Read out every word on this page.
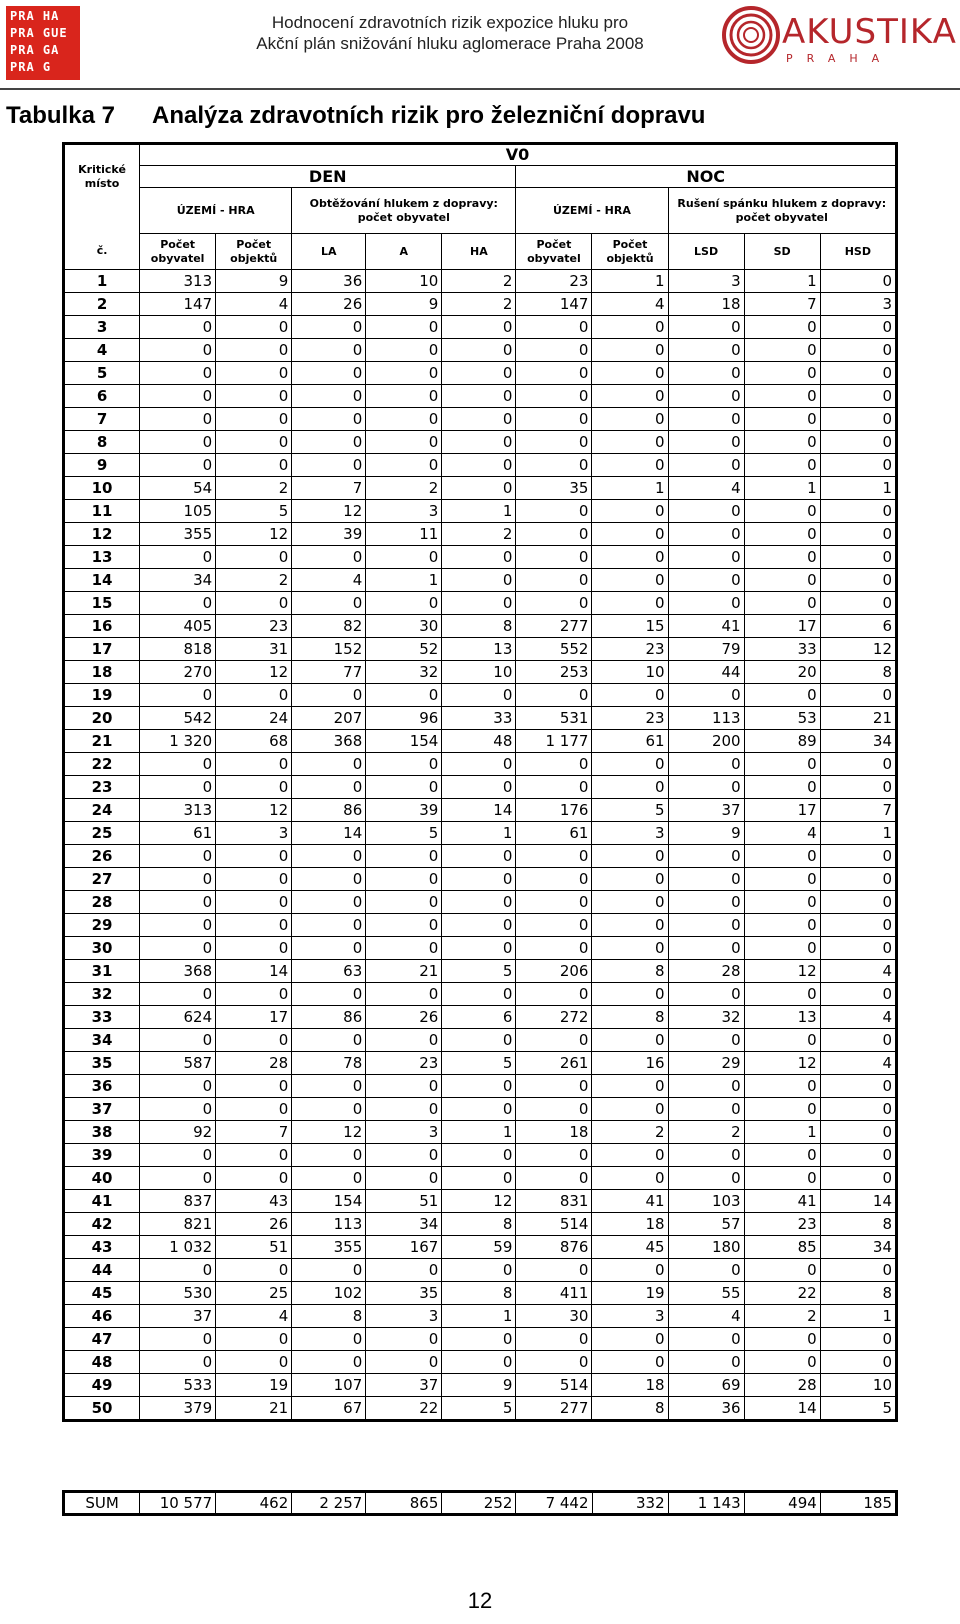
PRA HA
PRA GUE
PRA GA
PRA G
Hodnocení zdravotních rizik expozice hluku pro
Akční plán snižování hluku aglomerace Praha 2008	AKUSTIKA
PRAHA
Tabulka 7 Analýza zdravotních rizik pro železniční dopravu
Kritické místo	V0									
	DEN					NOC				
	ÚZEMÍ - HRA		Obtěžování hlukem z dopravy: počet obyvatel			ÚZEMÍ - HRA		Rušení spánku hlukem z dopravy: počet obyvatel		
č.	Počet obyvatel	Počet objektů	LA	A	HA	Počet obyvatel	Počet objektů	LSD	SD	HSD
1	313	9	36	10	2	23	1	3	1	0
2	147	4	26	9	2	147	4	18	7	3
3	0	0	0	0	0	0	0	0	0	0
4	0	0	0	0	0	0	0	0	0	0
5	0	0	0	0	0	0	0	0	0	0
6	0	0	0	0	0	0	0	0	0	0
7	0	0	0	0	0	0	0	0	0	0
8	0	0	0	0	0	0	0	0	0	0
9	0	0	0	0	0	0	0	0	0	0
10	54	2	7	2	0	35	1	4	1	1
11	105	5	12	3	1	0	0	0	0	0
12	355	12	39	11	2	0	0	0	0	0
13	0	0	0	0	0	0	0	0	0	0
14	34	2	4	1	0	0	0	0	0	0
15	0	0	0	0	0	0	0	0	0	0
16	405	23	82	30	8	277	15	41	17	6
17	818	31	152	52	13	552	23	79	33	12
18	270	12	77	32	10	253	10	44	20	8
19	0	0	0	0	0	0	0	0	0	0
20	542	24	207	96	33	531	23	113	53	21
21	1 320	68	368	154	48	1 177	61	200	89	34
22	0	0	0	0	0	0	0	0	0	0
23	0	0	0	0	0	0	0	0	0	0
24	313	12	86	39	14	176	5	37	17	7
25	61	3	14	5	1	61	3	9	4	1
26	0	0	0	0	0	0	0	0	0	0
27	0	0	0	0	0	0	0	0	0	0
28	0	0	0	0	0	0	0	0	0	0
29	0	0	0	0	0	0	0	0	0	0
30	0	0	0	0	0	0	0	0	0	0
31	368	14	63	21	5	206	8	28	12	4
32	0	0	0	0	0	0	0	0	0	0
33	624	17	86	26	6	272	8	32	13	4
34	0	0	0	0	0	0	0	0	0	0
35	587	28	78	23	5	261	16	29	12	4
36	0	0	0	0	0	0	0	0	0	0
37	0	0	0	0	0	0	0	0	0	0
38	92	7	12	3	1	18	2	2	1	0
39	0	0	0	0	0	0	0	0	0	0
40	0	0	0	0	0	0	0	0	0	0
41	837	43	154	51	12	831	41	103	41	14
42	821	26	113	34	8	514	18	57	23	8
43	1 032	51	355	167	59	876	45	180	85	34
44	0	0	0	0	0	0	0	0	0	0
45	530	25	102	35	8	411	19	55	22	8
46	37	4	8	3	1	30	3	4	2	1
47	0	0	0	0	0	0	0	0	0	0
48	0	0	0	0	0	0	0	0	0	0
49	533	19	107	37	9	514	18	69	28	10
50	379	21	67	22	5	277	8	36	14	5
SUM	10 577	462	2 257	865	252	7 442	332	1 143	494	185
12
